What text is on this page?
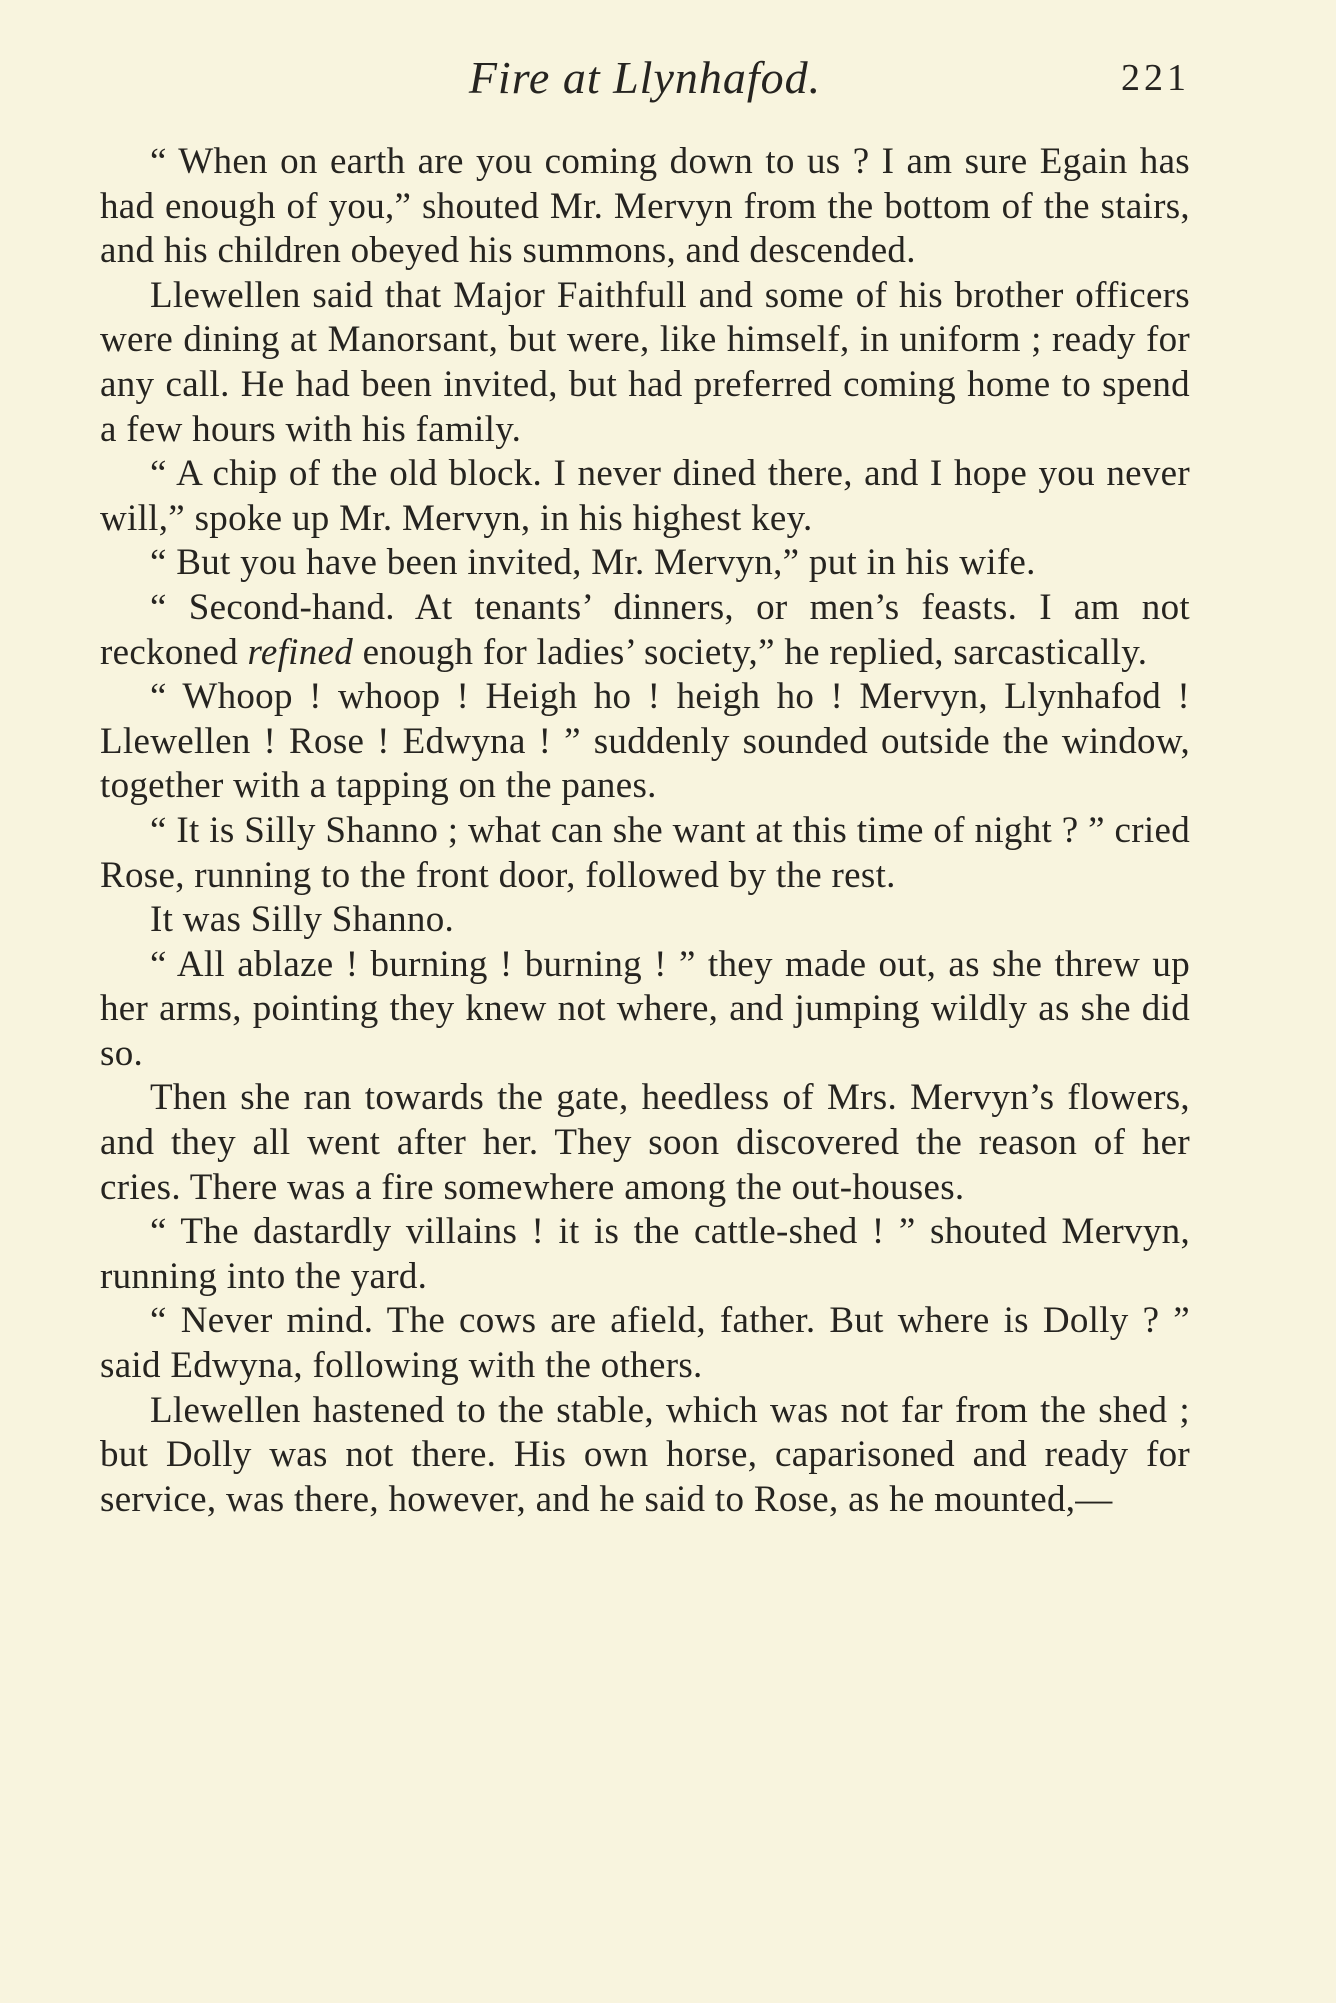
Fire at Llynhafod.	221

“ When on earth are you coming down to us ? I am sure Egain has had enough of you,” shouted Mr. Mervyn from the bottom of the stairs, and his children obeyed his summons, and descended.

Llewellen said that Major Faithfull and some of his brother officers were dining at Manorsant, but were, like himself, in uniform ; ready for any call. He had been invited, but had preferred coming home to spend a few hours with his family.

“ A chip of the old block. I never dined there, and I hope you never will,” spoke up Mr. Mervyn, in his highest key.

“ But you have been invited, Mr. Mervyn,” put in his wife.

“ Second-hand. At tenants’ dinners, or men’s feasts. I am not reckoned refined enough for ladies’ society,” he replied, sarcastically.

“ Whoop ! whoop ! Heigh ho ! heigh ho ! Mervyn, Llynhafod ! Llewellen ! Rose ! Edwyna ! ” suddenly sounded outside the window, together with a tapping on the panes.

“ It is Silly Shanno ; what can she want at this time of night ? ” cried Rose, running to the front door, followed by the rest.

It was Silly Shanno.

“ All ablaze ! burning ! burning ! ” they made out, as she threw up her arms, pointing they knew not where, and jumping wildly as she did so.

Then she ran towards the gate, heedless of Mrs. Mervyn’s flowers, and they all went after her. They soon discovered the reason of her cries. There was a fire somewhere among the out-houses.

“ The dastardly villains ! it is the cattle-shed ! ” shouted Mervyn, running into the yard.

“ Never mind. The cows are afield, father. But where is Dolly ? ” said Edwyna, following with the others.

Llewellen hastened to the stable, which was not far from the shed ; but Dolly was not there. His own horse, caparisoned and ready for service, was there, however, and he said to Rose, as he mounted,—
